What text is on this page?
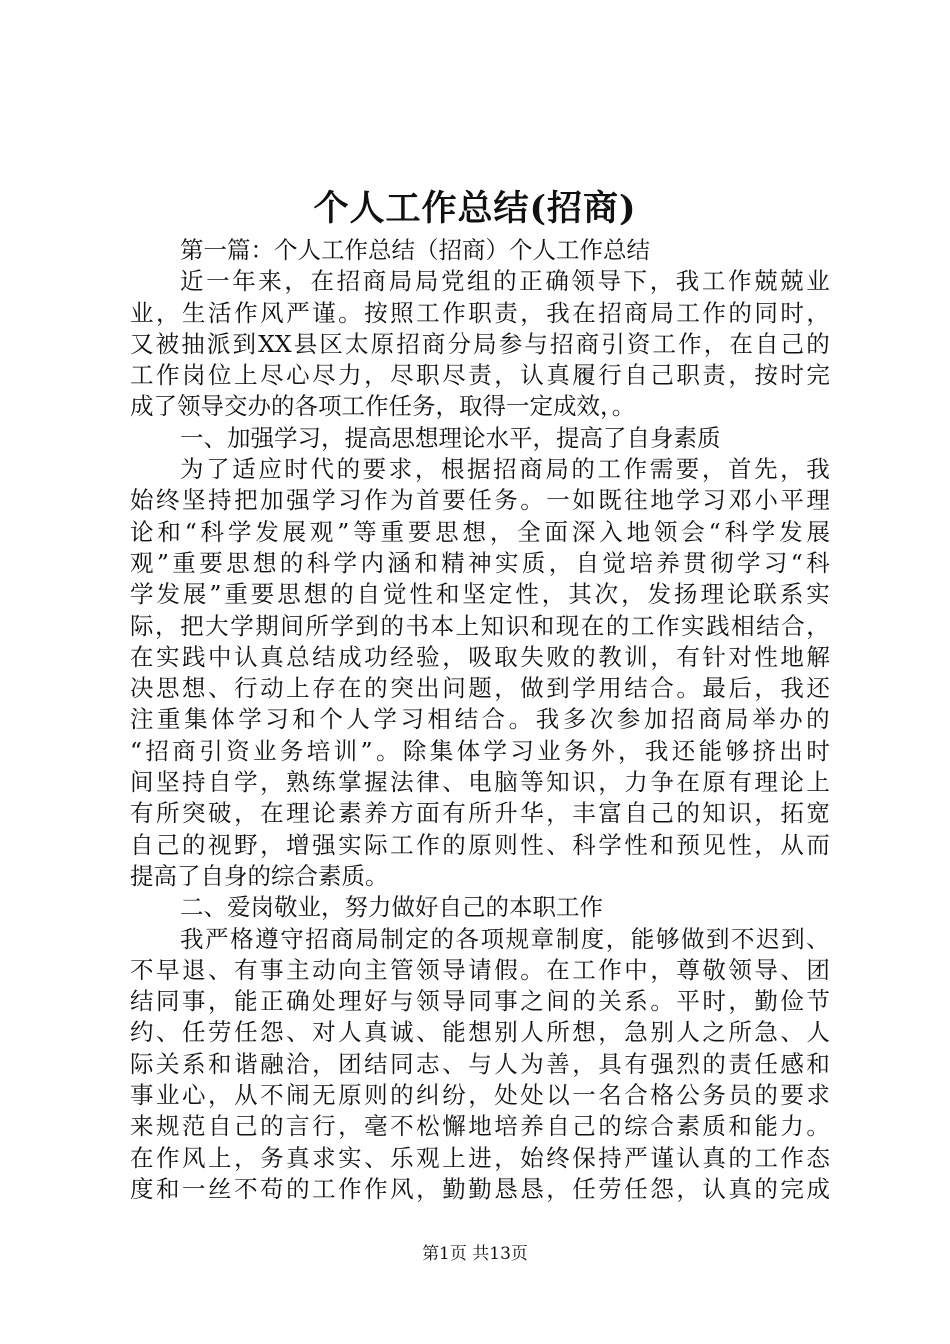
个人工作总结(招商)
第一篇：个人工作总结（招商）个人工作总结
近 一 年 来 ， 在 招 商 局 局 党 组 的 正 确 领 导 下 ， 我 工 作 兢 兢 业
业 ， 生 活 作 风 严 谨 。 按 照 工 作 职 责 ， 我 在 招 商 局 工 作 的 同 时 ，
又 被 抽 派 到 XX 县 区 太 原 招 商 分 局 参 与 招 商 引 资 工 作 ， 在 自 己 的
工 作 岗 位 上 尽 心 尽 力 ， 尽 职 尽 责 ， 认 真 履 行 自 己 职 责 ， 按 时 完
成了领导交办的各项工作任务，取得一定成效，。
一、加强学习，提高思想理论水平，提高了自身素质
为 了 适 应 时 代 的 要 求 ， 根 据 招 商 局 的 工 作 需 要 ， 首 先 ， 我
始 终 坚 持 把 加 强 学 习 作 为 首 要 任 务 。 一 如 既 往 地 学 习 邓 小 平 理
论 和 “ 科 学 发 展 观 ” 等 重 要 思 想 ， 全 面 深 入 地 领 会 “ 科 学 发 展
观 ” 重 要 思 想 的 科 学 内 涵 和 精 神 实 质 ， 自 觉 培 养 贯 彻 学 习 “ 科
学 发 展 ” 重 要 思 想 的 自 觉 性 和 坚 定 性 ， 其 次 ， 发 扬 理 论 联 系 实
际 ， 把 大 学 期 间 所 学 到 的 书 本 上 知 识 和 现 在 的 工 作 实 践 相 结 合 ，
在 实 践 中 认 真 总 结 成 功 经 验 ， 吸 取 失 败 的 教 训 ， 有 针 对 性 地 解
决 思 想 、 行 动 上 存 在 的 突 出 问 题 ， 做 到 学 用 结 合 。 最 后 ， 我 还
注 重 集 体 学 习 和 个 人 学 习 相 结 合 。 我 多 次 参 加 招 商 局 举 办 的
“ 招 商 引 资 业 务 培 训 ” 。 除 集 体 学 习 业 务 外 ， 我 还 能 够 挤 出 时
间 坚 持 自 学 ， 熟 练 掌 握 法 律 、 电 脑 等 知 识 ， 力 争 在 原 有 理 论 上
有 所 突 破 ， 在 理 论 素 养 方 面 有 所 升 华 ， 丰 富 自 己 的 知 识 ， 拓 宽
自 己 的 视 野 ， 增 强 实 际 工 作 的 原 则 性 、 科 学 性 和 预 见 性 ， 从 而
提高了自身的综合素质。
二、爱岗敬业，努力做好自己的本职工作
我 严 格 遵 守 招 商 局 制 定 的 各 项 规 章 制 度 ， 能 够 做 到 不 迟 到 、
不 早 退 、 有 事 主 动 向 主 管 领 导 请 假 。 在 工 作 中 ， 尊 敬 领 导 、 团
结 同 事 ， 能 正 确 处 理 好 与 领 导 同 事 之 间 的 关 系 。 平 时 ， 勤 俭 节
约 、 任 劳 任 怨 、 对 人 真 诚 、 能 想 别 人 所 想 ， 急 别 人 之 所 急 、 人
际 关 系 和 谐 融 洽 ， 团 结 同 志 、 与 人 为 善 ， 具 有 强 烈 的 责 任 感 和
事 业 心 ， 从 不 闹 无 原 则 的 纠 纷 ， 处 处 以 一 名 合 格 公 务 员 的 要 求
来 规 范 自 己 的 言 行 ， 毫 不 松 懈 地 培 养 自 己 的 综 合 素 质 和 能 力 。
在 作 风 上 ， 务 真 求 实 、 乐 观 上 进 ， 始 终 保 持 严 谨 认 真 的 工 作 态
度 和 一 丝 不 苟 的 工 作 作 风 ， 勤 勤 恳 恳 ， 任 劳 任 怨 ， 认 真 的 完 成
第1页 共13页
